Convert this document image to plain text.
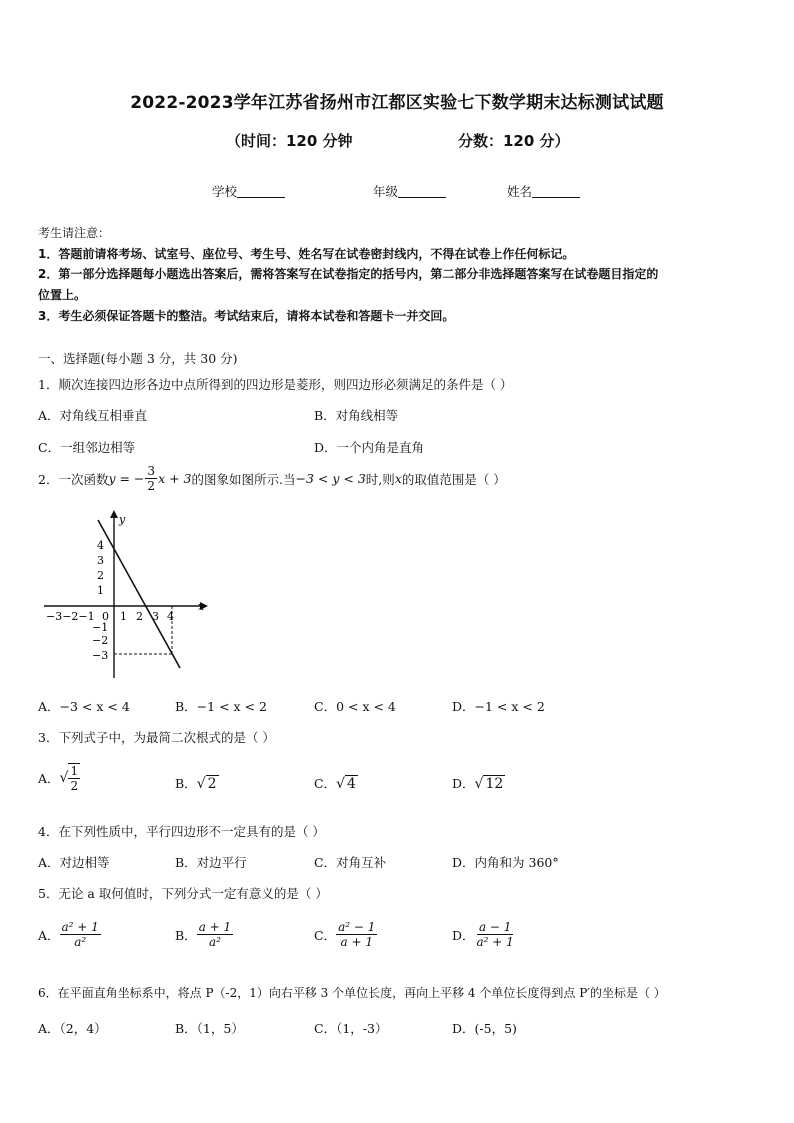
2022-2023学年江苏省扬州市江都区实验七下数学期末达标测试试题
（时间：120 分钟	分数：120 分）
学校	年级	姓名
考生请注意：
1．答题前请将考场、试室号、座位号、考生号、姓名写在试卷密封线内，不得在试卷上作任何标记。
2．第一部分选择题每小题选出答案后，需将答案写在试卷指定的括号内，第二部分非选择题答案写在试卷题目指定的
位置上。
3．考生必须保证答题卡的整洁。考试结束后，请将本试卷和答题卡一并交回。
一、选择题(每小题 3 分，共 30 分)
1．顺次连接四边形各边中点所得到的四边形是菱形，则四边形必须满足的条件是（ ）
A．对角线互相垂直	B．对角线相等
C．一组邻边相等	D．一个内角是直角
2．一次函数 y = − $\frac{3}{2}$ x + 3 的图象如图所示.当 −3 < y < 3 时,则 x 的取值范围是（ ）
x
y
−3−2−1 0 1 2 3 4
4
3
2
1
−1
−2
−3
A．−3 < x < 4	B．−1 < x < 2	C．0 < x < 4	D．−1 < x < 2
3．下列式子中，为最简二次根式的是（ ）
A． √ $\frac{1}{2}$	B．√ 2	C．√ 4	D．√ 12
4．在下列性质中，平行四边形不一定具有的是（ ）
A．对边相等	B．对边平行	C．对角互补	D．内角和为 360°
5．无论 a 取何值时，下列分式一定有意义的是（ ）
A． $\frac{\text{a² + 1}}{\text{a²}}$	B． $\frac{a + 1}{\text{a²}}$	C． $\frac{\text{a² − 1}}{a + 1}$	D． $\frac{a - 1}{\text{a² + 1}}$
6．在平面直角坐标系中，将点 P（-2，1）向右平移 3 个单位长度，再向上平移 4 个单位长度得到点 P′的坐标是（ ）
A．（2，4）	B．（1，5）	C．（1，-3）	D．(-5，5)
